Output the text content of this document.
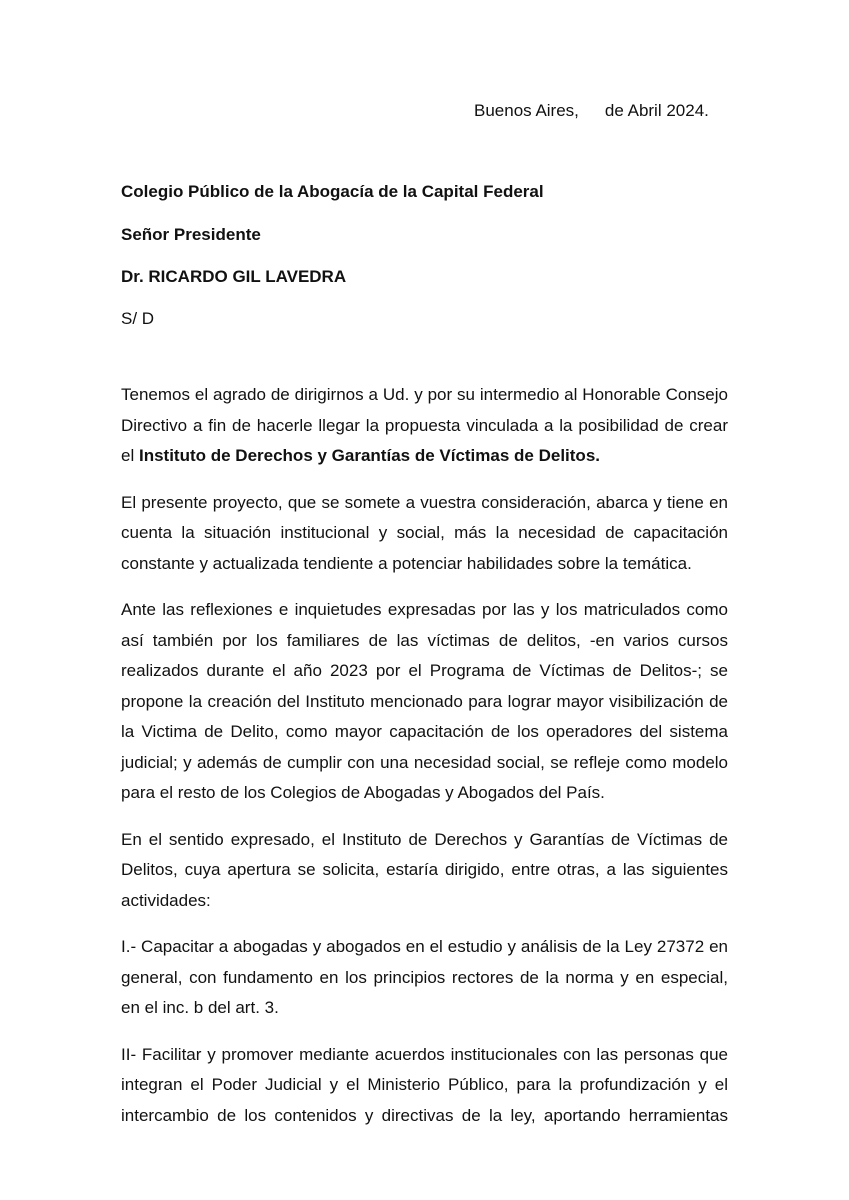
Buenos Aires, de Abril 2024.
Colegio Público de la Abogacía de la Capital Federal
Señor Presidente
Dr. RICARDO GIL LAVEDRA
S/ D

Tenemos el agrado de dirigirnos a Ud. y por su intermedio al Honorable Consejo Directivo a fin de hacerle llegar la propuesta vinculada a la posibilidad de crear el Instituto de Derechos y Garantías de Víctimas de Delitos.

El presente proyecto, que se somete a vuestra consideración, abarca y tiene en cuenta la situación institucional y social, más la necesidad de capacitación constante y actualizada tendiente a potenciar habilidades sobre la temática.

Ante las reflexiones e inquietudes expresadas por las y los matriculados como así también por los familiares de las víctimas de delitos, -en varios cursos realizados durante el año 2023 por el Programa de Víctimas de Delitos-; se propone la creación del Instituto mencionado para lograr mayor visibilización de la Victima de Delito, como mayor capacitación de los operadores del sistema judicial; y además de cumplir con una necesidad social, se refleje como modelo para el resto de los Colegios de Abogadas y Abogados del País.

En el sentido expresado, el Instituto de Derechos y Garantías de Víctimas de Delitos, cuya apertura se solicita, estaría dirigido, entre otras, a las siguientes actividades:

I.- Capacitar a abogadas y abogados en el estudio y análisis de la Ley 27372 en general, con fundamento en los principios rectores de la norma y en especial, en el inc. b del art. 3.

II- Facilitar y promover mediante acuerdos institucionales con las personas que integran el Poder Judicial y el Ministerio Público, para la profundización y el intercambio de los contenidos y directivas de la ley, aportando herramientas
